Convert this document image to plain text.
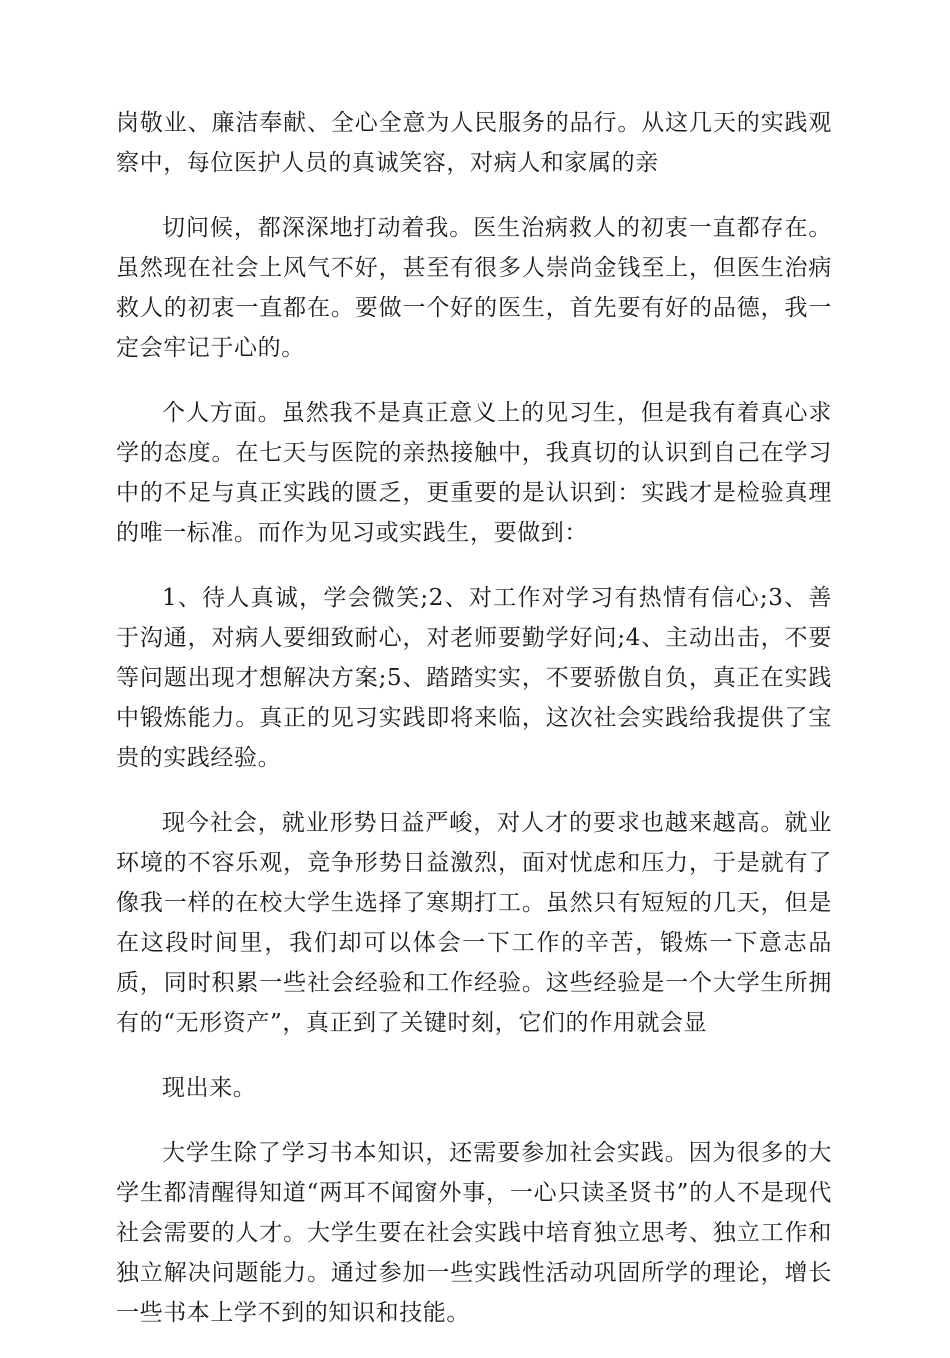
岗敬业、廉洁奉献、全心全意为人民服务的品行。从这几天的实践观察中，每位医护人员的真诚笑容，对病人和家属的亲

切问候，都深深地打动着我。医生治病救人的初衷一直都存在。虽然现在社会上风气不好，甚至有很多人崇尚金钱至上，但医生治病救人的初衷一直都在。要做一个好的医生，首先要有好的品德，我一定会牢记于心的。

个人方面。虽然我不是真正意义上的见习生，但是我有着真心求学的态度。在七天与医院的亲热接触中，我真切的认识到自己在学习中的不足与真正实践的匮乏，更重要的是认识到：实践才是检验真理的唯一标准。而作为见习或实践生，要做到：

1、待人真诚，学会微笑;2、对工作对学习有热情有信心;3、善于沟通，对病人要细致耐心，对老师要勤学好问;4、主动出击，不要等问题出现才想解决方案;5、踏踏实实，不要骄傲自负，真正在实践中锻炼能力。真正的见习实践即将来临，这次社会实践给我提供了宝贵的实践经验。

现今社会，就业形势日益严峻，对人才的要求也越来越高。就业环境的不容乐观，竞争形势日益激烈，面对忧虑和压力，于是就有了像我一样的在校大学生选择了寒期打工。虽然只有短短的几天，但是在这段时间里，我们却可以体会一下工作的辛苦，锻炼一下意志品质，同时积累一些社会经验和工作经验。这些经验是一个大学生所拥有的“无形资产”，真正到了关键时刻，它们的作用就会显

现出来。

大学生除了学习书本知识，还需要参加社会实践。因为很多的大学生都清醒得知道“两耳不闻窗外事，一心只读圣贤书”的人不是现代社会需要的人才。大学生要在社会实践中培育独立思考、独立工作和独立解决问题能力。通过参加一些实践性活动巩固所学的理论，增长一些书本上学不到的知识和技能。
